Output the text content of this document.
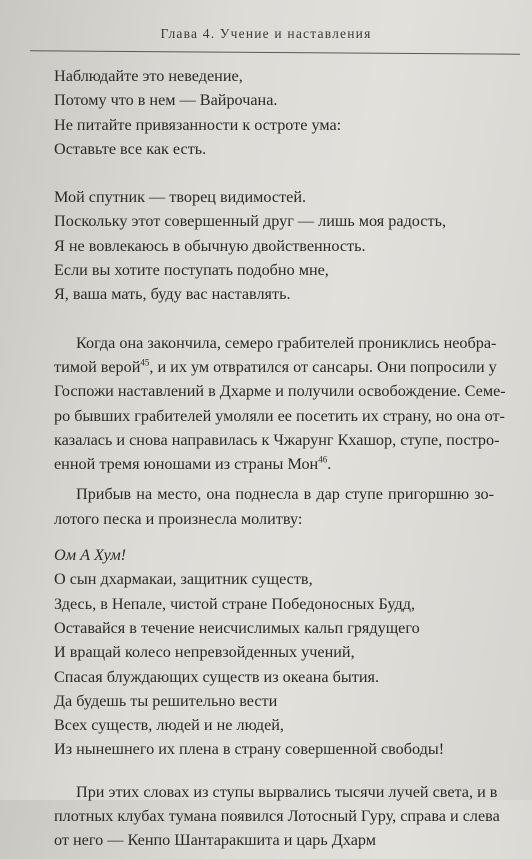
Глава 4. Учение и наставления
Наблюдайте это неведение,
Потому что в нем — Вайрочана.
Не питайте привязанности к остроте ума:
Оставьте все как есть.
Мой спутник — творец видимостей.
Поскольку этот совершенный друг — лишь моя радость,
Я не вовлекаюсь в обычную двойственность.
Если вы хотите поступать подобно мне,
Я, ваша мать, буду вас наставлять.
Когда она закончила, семеро грабителей прониклись необра-
тимой верой$^{45}$, и их ум отвратился от сансары. Они попросили у
Госпожи наставлений в Дхарме и получили освобождение. Семе-
ро бывших грабителей умоляли ее посетить их страну, но она от-
казалась и снова направилась к Чжарунг Кхашор, ступе, постро-
енной тремя юношами из страны Мон$^{46}$.
Прибыв на место, она поднесла в дар ступе пригоршню зо-
лотого песка и произнесла молитву:
Ом А Хум!
О сын дхармакаи, защитник существ,
Здесь, в Непале, чистой стране Победоносных Будд,
Оставайся в течение неисчислимых кальп грядущего
И вращай колесо непревзойденных учений,
Спасая блуждающих существ из океана бытия.
Да будешь ты решительно вести
Всех существ, людей и не людей,
Из нынешнего их плена в страну совершенной свободы!
При этих словах из ступы вырвались тысячи лучей света, и в
плотных клубах тумана появился Лотосный Гуру, справа и слева
от него — Кенпо Шантаракшита и царь Дхарм
